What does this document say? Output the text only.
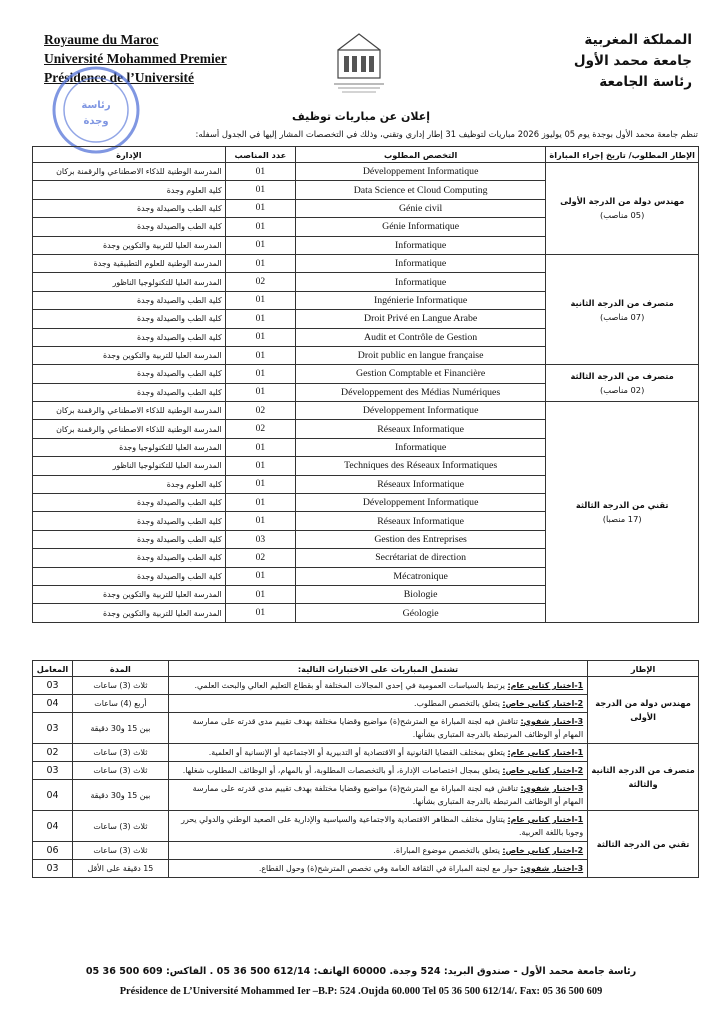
Royaume du Maroc
Université Mohammed Premier
Présidence de l’Université
رئاسة
وجدة
المملكة المغربية
جامعة محمد الأول
رئاسة الجامعة
إعلان عن مباريات توظيف
تنظم جامعة محمد الأول بوجدة يوم 05 يوليوز 2026 مباريات لتوظيف 31 إطار إداري وتقني، وذلك في التخصصات المشار إليها في الجدول أسفله:
الإدارة	عدد المناصب	التخصص المطلوب	الإطار المطلوب/ تاريخ إجراء المباراة
المدرسة الوطنية للذكاء الاصطناعي والرقمنة بركان	01	Développement Informatique	مهندس دولة من الدرجة الأولى
(05 مناصب)

كلية العلوم وجدة	01	Data Science et Cloud Computing	
كلية الطب والصيدلة وجدة	01	Génie civil	
كلية الطب والصيدلة وجدة	01	Génie Informatique	
المدرسة العليا للتربية والتكوين وجدة	01	Informatique	
المدرسة الوطنية للعلوم التطبيقية وجدة	01	Informatique	متصرف من الدرجة الثانية
(07 مناصب)

المدرسة العليا للتكنولوجيا الناظور	02	Informatique	
كلية الطب والصيدلة وجدة	01	Ingénierie Informatique	
كلية الطب والصيدلة وجدة	01	Droit Privé en Langue Arabe	
كلية الطب والصيدلة وجدة	01	Audit et Contrôle de Gestion	
المدرسة العليا للتربية والتكوين وجدة	01	Droit public en langue française	
كلية الطب والصيدلة وجدة	01	Gestion Comptable et Financière	متصرف من الدرجة الثالثة
(02 مناصب)

كلية الطب والصيدلة وجدة	01	Développement des Médias Numériques	
المدرسة الوطنية للذكاء الاصطناعي والرقمنة بركان	02	Développement Informatique	تقني من الدرجة الثالثة
(17 منصبا)

المدرسة الوطنية للذكاء الاصطناعي والرقمنة بركان	02	Réseaux Informatique	
المدرسة العليا للتكنولوجيا وجدة	01	Informatique	
المدرسة العليا للتكنولوجيا الناظور	01	Techniques des Réseaux Informatiques	
كلية العلوم وجدة	01	Réseaux Informatique	
كلية الطب والصيدلة وجدة	01	Développement Informatique	
كلية الطب والصيدلة وجدة	01	Réseaux Informatique	
كلية الطب والصيدلة وجدة	03	Gestion des Entreprises	
كلية الطب والصيدلة وجدة	02	Secrétariat de direction	
كلية الطب والصيدلة وجدة	01	Mécatronique	
المدرسة العليا للتربية والتكوين وجدة	01	Biologie	
المدرسة العليا للتربية والتكوين وجدة	01	Géologie	
المعامل	المدة	تشتمل المباريات على الاختبارات التالية:	الإطار
03	ثلاث (3) ساعات	1-اختبار كتابي عام: يرتبط بالسياسات العمومية في إحدى المجالات المختلفة أو بقطاع التعليم العالي والبحث العلمي.	مهندس دولة من الدرجة الأولى
04	أربع (4) ساعات	2-اختبار كتابي خاص: يتعلق بالتخصص المطلوب.	
03	بين 15 و30 دقيقة	3-اختبار شفوي: تناقش فيه لجنة المباراة مع المترشح(ة) مواضيع وقضايا مختلفة بهدف تقييم مدى قدرته على ممارسة المهام أو الوظائف المرتبطة بالدرجة المتبارى بشأنها.	
02	ثلاث (3) ساعات	1-اختبار كتابي عام: يتعلق بمختلف القضايا القانونية أو الاقتصادية أو التدبيرية أو الاجتماعية أو الإنسانية أو العلمية.	متصرف من الدرجة الثانية والثالثة
03	ثلاث (3) ساعات	2-اختبار كتابي خاص: يتعلق بمجال اختصاصات الإدارة، أو بالتخصصات المطلوبة، أو بالمهام، أو الوظائف المطلوب شغلها.	
04	بين 15 و30 دقيقة	3-اختبار شفوي: تناقش فيه لجنة المباراة مع المترشح(ة) مواضيع وقضايا مختلفة بهدف تقييم مدى قدرته على ممارسة المهام أو الوظائف المرتبطة بالدرجة المتبارى بشأنها.	
04	ثلاث (3) ساعات	1-اختبار كتابي عام: يتناول مختلف المظاهر الاقتصادية والاجتماعية والسياسية والإدارية على الصعيد الوطني والدولي يحرر وجوبا باللغة العربية.	تقني من الدرجة الثالثة
06	ثلاث (3) ساعات	2-اختبار كتابي خاص: يتعلق بالتخصص موضوع المباراة.	
03	15 دقيقة على الأقل	3-اختبار شفوي: حوار مع لجنة المباراة في الثقافة العامة وفي تخصص المترشح(ة) وحول القطاع.	
رئاسة جامعة محمد الأول - صندوق البريد: 524 وجدة. 60000 الهاتف: 612/14 500 36 05 . الفاكس: 609 500 36 05
Présidence de L’Université Mohammed Ier –B.P: 524 .Oujda 60.000 Tel 05 36 500 612/14/. Fax: 05 36 500 609
